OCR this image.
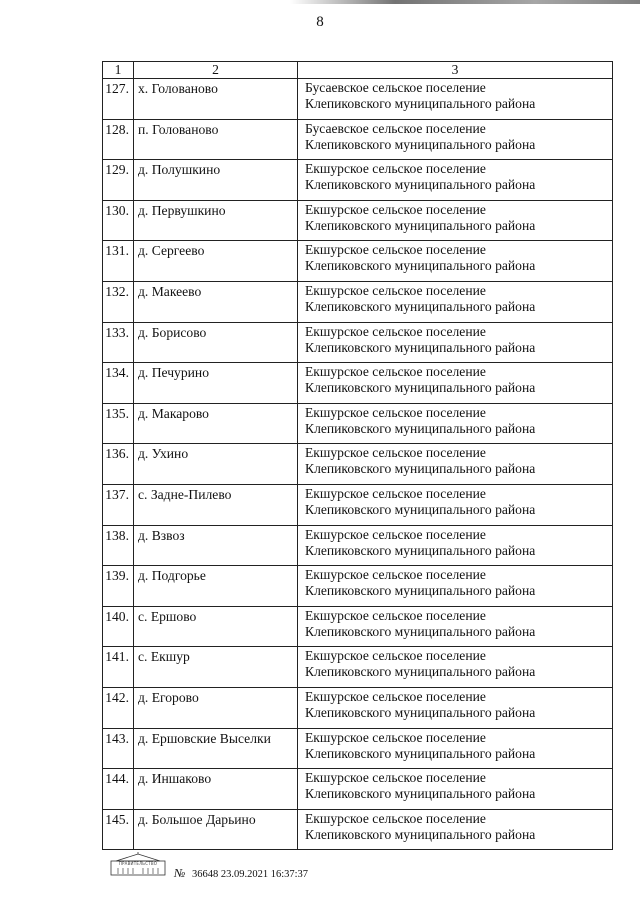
8
1	2	3
127.	х. Голованово	Бусаевское сельское поселение
Клепиковского муниципального района

128.	п. Голованово	Бусаевское сельское поселение
Клепиковского муниципального района

129.	д. Полушкино	Екшурское сельское поселение
Клепиковского муниципального района

130.	д. Первушкино	Екшурское сельское поселение
Клепиковского муниципального района

131.	д. Сергеево	Екшурское сельское поселение
Клепиковского муниципального района

132.	д. Макеево	Екшурское сельское поселение
Клепиковского муниципального района

133.	д. Борисово	Екшурское сельское поселение
Клепиковского муниципального района

134.	д. Печурино	Екшурское сельское поселение
Клепиковского муниципального района

135.	д. Макарово	Екшурское сельское поселение
Клепиковского муниципального района

136.	д. Ухино	Екшурское сельское поселение
Клепиковского муниципального района

137.	с. Задне-Пилево	Екшурское сельское поселение
Клепиковского муниципального района

138.	д. Взвоз	Екшурское сельское поселение
Клепиковского муниципального района

139.	д. Подгорье	Екшурское сельское поселение
Клепиковского муниципального района

140.	с. Ершово	Екшурское сельское поселение
Клепиковского муниципального района

141.	с. Екшур	Екшурское сельское поселение
Клепиковского муниципального района

142.	д. Егорово	Екшурское сельское поселение
Клепиковского муниципального района

143.	д. Ершовские Выселки	Екшурское сельское поселение
Клепиковского муниципального района

144.	д. Иншаково	Екшурское сельское поселение
Клепиковского муниципального района

145.	д. Большое Дарьино	Екшурское сельское поселение
Клепиковского муниципального района
ПРАВИТЕЛЬСТВО
№ 36648 23.09.2021 16:37:37
